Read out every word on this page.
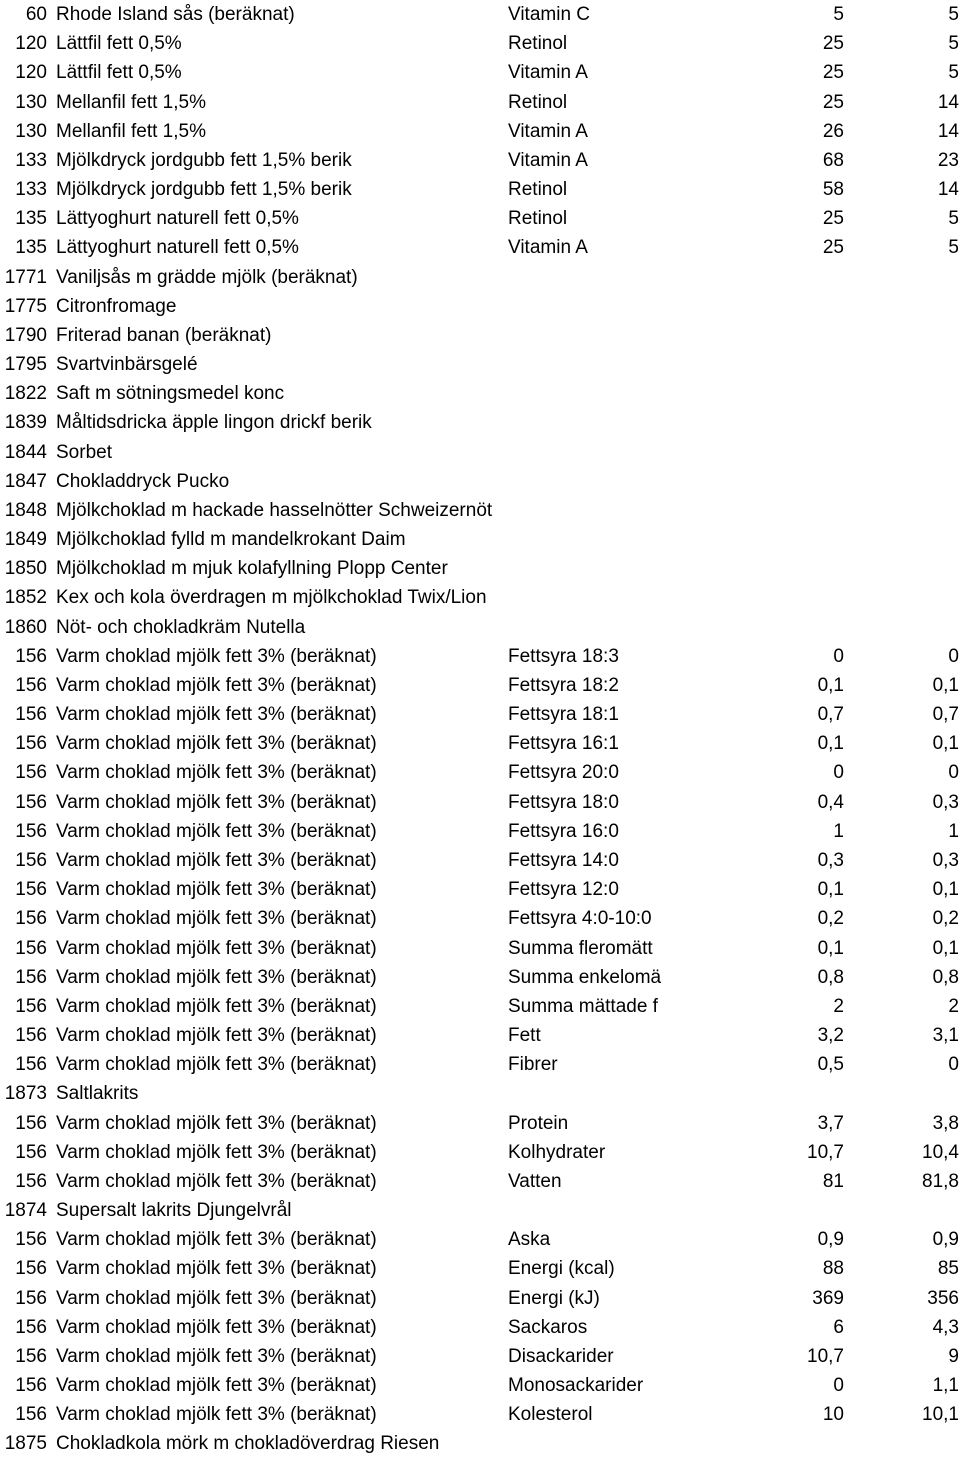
60 Rhode Island sås (beräknat)	Vitamin C	5	5
120 Lättfil fett 0,5%	Retinol	25	5
120 Lättfil fett 0,5%	Vitamin A	25	5
130 Mellanfil fett 1,5%	Retinol	25	14
130 Mellanfil fett 1,5%	Vitamin A	26	14
133 Mjölkdryck jordgubb fett 1,5% berik	Vitamin A	68	23
133 Mjölkdryck jordgubb fett 1,5% berik	Retinol	58	14
135 Lättyoghurt naturell fett 0,5%	Retinol	25	5
135 Lättyoghurt naturell fett 0,5%	Vitamin A	25	5
1771 Vaniljsås m grädde mjölk (beräknat)
1775 Citronfromage
1790 Friterad banan (beräknat)
1795 Svartvinbärsgelé
1822 Saft m sötningsmedel konc
1839 Måltidsdricka äpple lingon drickf berik
1844 Sorbet
1847 Chokladdryck Pucko
1848 Mjölkchoklad m hackade hasselnötter Schweizernöt
1849 Mjölkchoklad fylld m mandelkrokant Daim
1850 Mjölkchoklad m mjuk kolafyllning Plopp Center
1852 Kex och kola överdragen m mjölkchoklad Twix/Lion
1860 Nöt- och chokladkräm Nutella
156 Varm choklad mjölk fett 3% (beräknat)	Fettsyra 18:3	0	0
156 Varm choklad mjölk fett 3% (beräknat)	Fettsyra 18:2	0,1	0,1
156 Varm choklad mjölk fett 3% (beräknat)	Fettsyra 18:1	0,7	0,7
156 Varm choklad mjölk fett 3% (beräknat)	Fettsyra 16:1	0,1	0,1
156 Varm choklad mjölk fett 3% (beräknat)	Fettsyra 20:0	0	0
156 Varm choklad mjölk fett 3% (beräknat)	Fettsyra 18:0	0,4	0,3
156 Varm choklad mjölk fett 3% (beräknat)	Fettsyra 16:0	1	1
156 Varm choklad mjölk fett 3% (beräknat)	Fettsyra 14:0	0,3	0,3
156 Varm choklad mjölk fett 3% (beräknat)	Fettsyra 12:0	0,1	0,1
156 Varm choklad mjölk fett 3% (beräknat)	Fettsyra 4:0-10:0	0,2	0,2
156 Varm choklad mjölk fett 3% (beräknat)	Summa fleromätt	0,1	0,1
156 Varm choklad mjölk fett 3% (beräknat)	Summa enkelomä	0,8	0,8
156 Varm choklad mjölk fett 3% (beräknat)	Summa mättade f	2	2
156 Varm choklad mjölk fett 3% (beräknat)	Fett	3,2	3,1
156 Varm choklad mjölk fett 3% (beräknat)	Fibrer	0,5	0
1873 Saltlakrits
156 Varm choklad mjölk fett 3% (beräknat)	Protein	3,7	3,8
156 Varm choklad mjölk fett 3% (beräknat)	Kolhydrater	10,7	10,4
156 Varm choklad mjölk fett 3% (beräknat)	Vatten	81	81,8
1874 Supersalt lakrits Djungelvrål
156 Varm choklad mjölk fett 3% (beräknat)	Aska	0,9	0,9
156 Varm choklad mjölk fett 3% (beräknat)	Energi (kcal)	88	85
156 Varm choklad mjölk fett 3% (beräknat)	Energi (kJ)	369	356
156 Varm choklad mjölk fett 3% (beräknat)	Sackaros	6	4,3
156 Varm choklad mjölk fett 3% (beräknat)	Disackarider	10,7	9
156 Varm choklad mjölk fett 3% (beräknat)	Monosackarider	0	1,1
156 Varm choklad mjölk fett 3% (beräknat)	Kolesterol	10	10,1
1875 Chokladkola mörk m chokladöverdrag Riesen
